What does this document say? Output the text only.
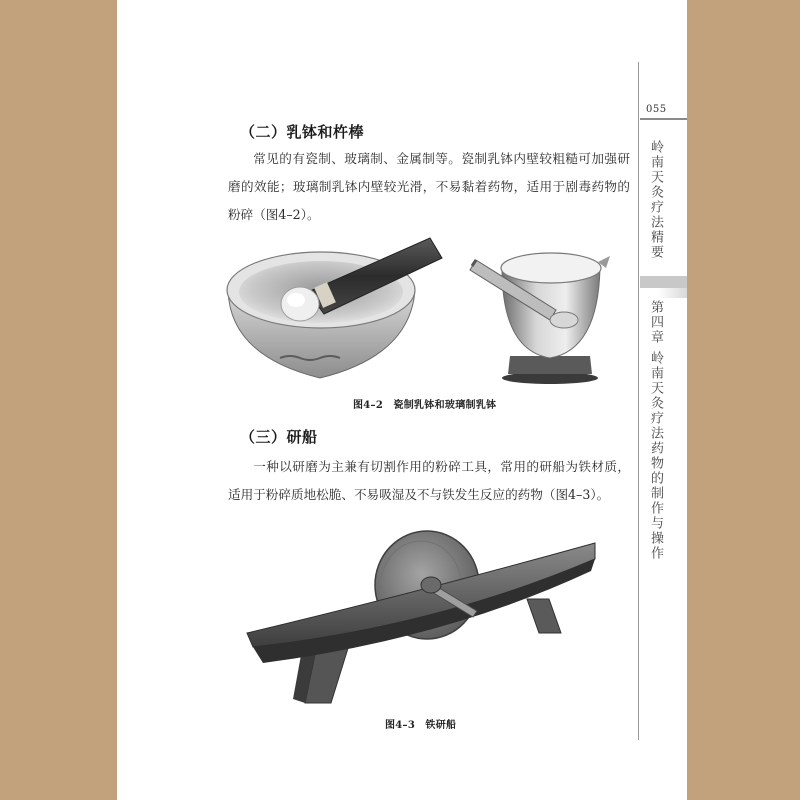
055
岭南天灸疗法精要
第四章 岭南天灸疗法药物的制作与操作
（二）乳钵和杵棒

常见的有瓷制、玻璃制、金属制等。瓷制乳钵内壁较粗糙可加强研磨的效能；玻璃制乳钵内壁较光滑，不易黏着药物，适用于剧毒药物的粉碎（图4–2）。

图4–2　瓷制乳钵和玻璃制乳钵
（三）研船

一种以研磨为主兼有切割作用的粉碎工具，常用的研船为铁材质，适用于粉碎质地松脆、不易吸湿及不与铁发生反应的药物（图4–3）。

图4–3　铁研船
